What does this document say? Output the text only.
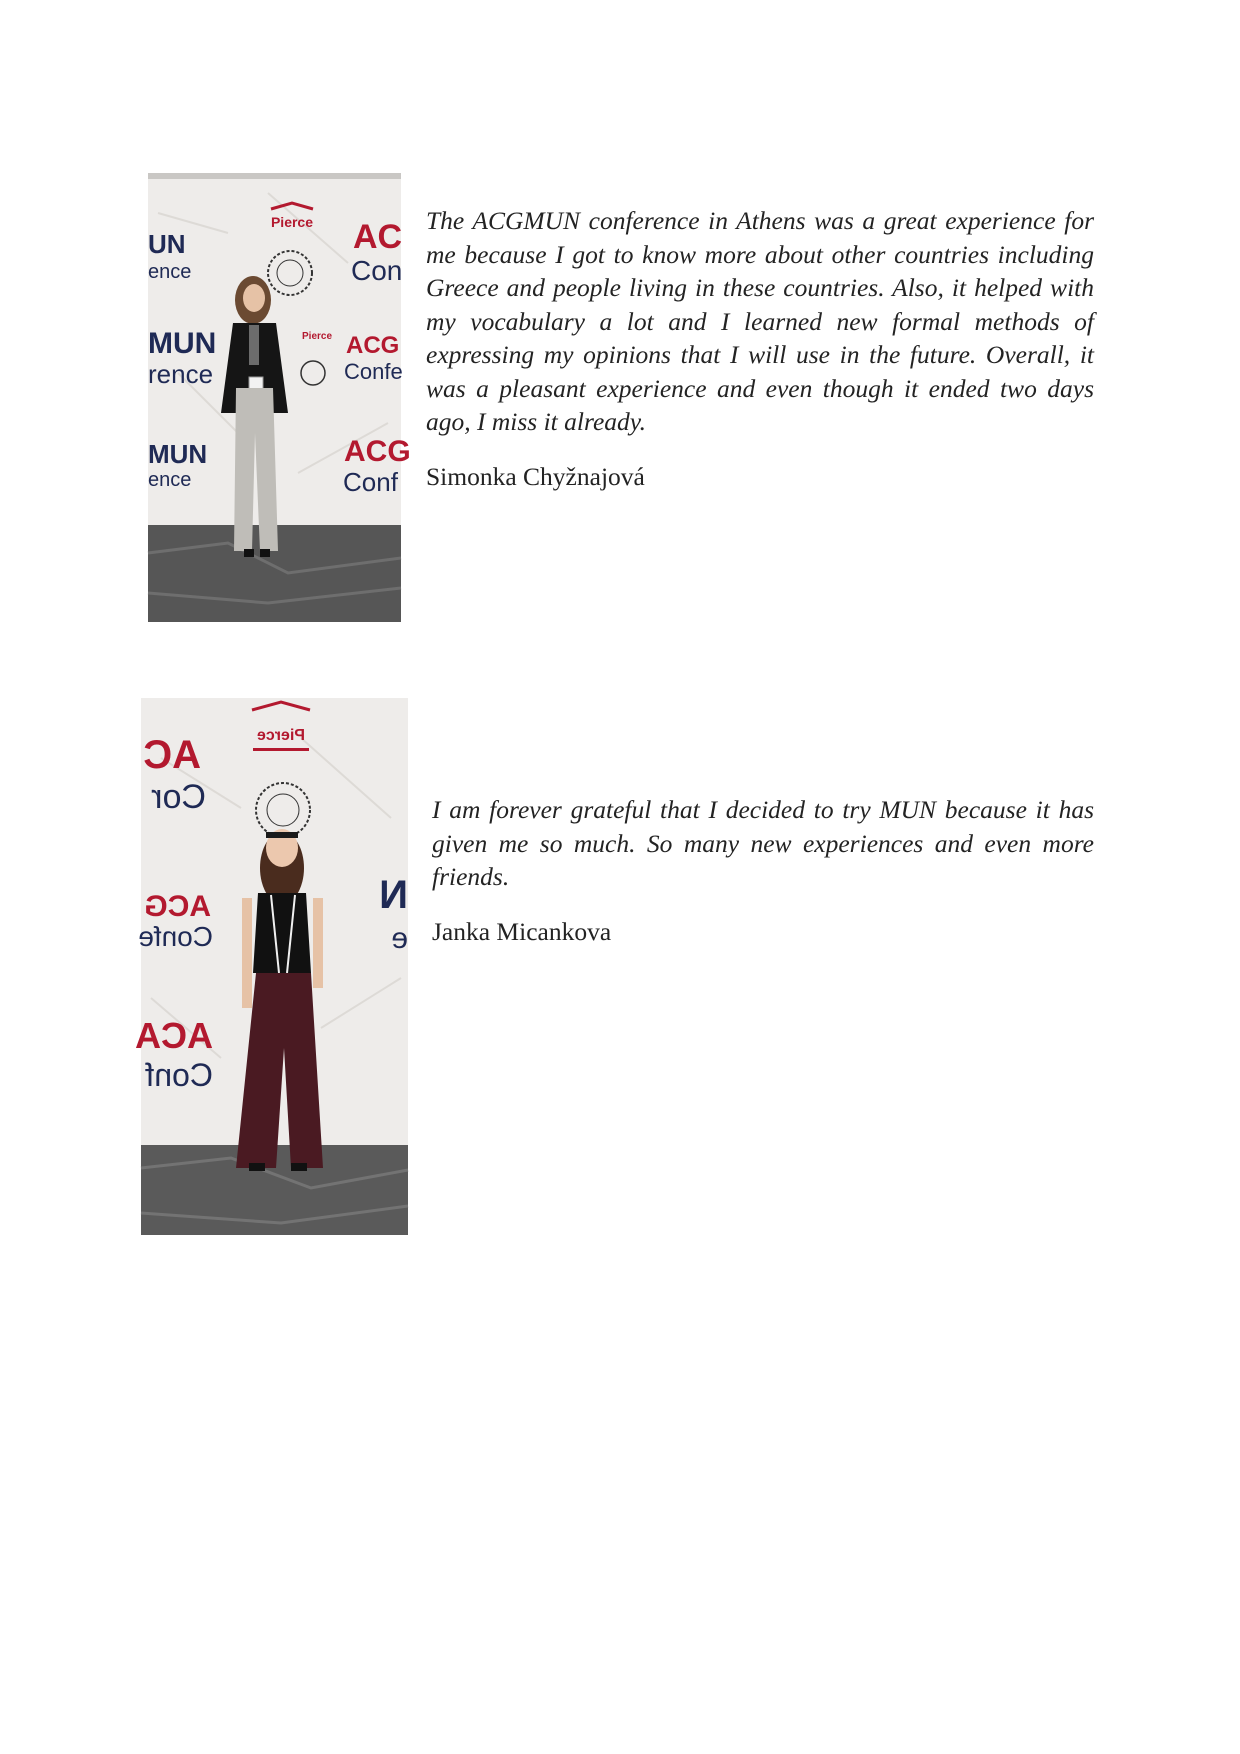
Pierce
UN
ence
AC
Con
MUN
rence
Pierce ACG
Confe
MUN
ence
ACG
Conf

The ACGMUN conference in Athens was a great experience for me because I got to know more about other countries including Greece and people living in these countries. Also, it helped with my vocabulary a lot and I learned new formal methods of expressing my opinions that I will use in the future. Overall, it was a pleasant experience and even though it ended two days ago, I miss it already.

Simonka Chyžnajová

Pierce
AC
Cor
N
e
ACG
Confe
ACA
Conf

I am forever grateful that I decided to try MUN because it has given me so much. So many new experiences and even more friends.

Janka Micankova
